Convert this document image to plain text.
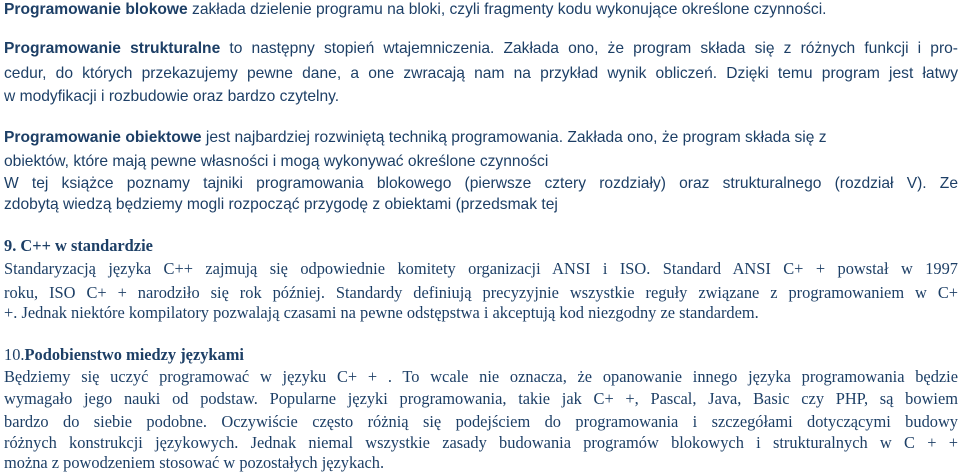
Programowanie blokowe zakłada dzielenie programu na bloki, czyli fragmenty kodu wykonujące określone czynności.
Programowanie strukturalne to następny stopień wtajemniczenia. Zakłada ono, że program składa się z różnych funkcji i pro-
cedur, do których przekazujemy pewne dane, a one zwracają nam na przykład wynik obliczeń. Dzięki temu program jest łatwy
w modyfikacji i rozbudowie oraz bardzo czytelny.
Programowanie obiektowe jest najbardziej rozwiniętą techniką programowania. Zakłada ono, że program składa się z
obiektów, które mają pewne własności i mogą wykonywać określone czynności
W tej książce poznamy tajniki programowania blokowego (pierwsze cztery rozdziały) oraz strukturalnego (rozdział V). Ze
zdobytą wiedzą będziemy mogli rozpocząć przygodę z obiektami (przedsmak tej
9. C++ w standardzie
Standaryzacją języka C++ zajmują się odpowiednie komitety organizacji ANSI i ISO. Standard ANSI C+ + powstał w 1997
roku, ISO C+ + narodziło się rok później. Standardy definiują precyzyjnie wszystkie reguły związane z programowaniem w C+
+. Jednak niektóre kompilatory pozwalają czasami na pewne odstępstwa i akceptują kod niezgodny ze standardem.
10.Podobienstwo miedzy językami
Będziemy się uczyć programować w języku C+ + . To wcale nie oznacza, że opanowanie innego języka programowania będzie
wymagało jego nauki od podstaw. Popularne języki programowania, takie jak C+ +, Pascal, Java, Basic czy PHP, są bowiem
bardzo do siebie podobne. Oczywiście często różnią się podejściem do programowania i szczegółami dotyczącymi budowy
różnych konstrukcji językowych. Jednak niemal wszystkie zasady budowania programów blokowych i strukturalnych w C + +
można z powodzeniem stosować w pozostałych językach.
